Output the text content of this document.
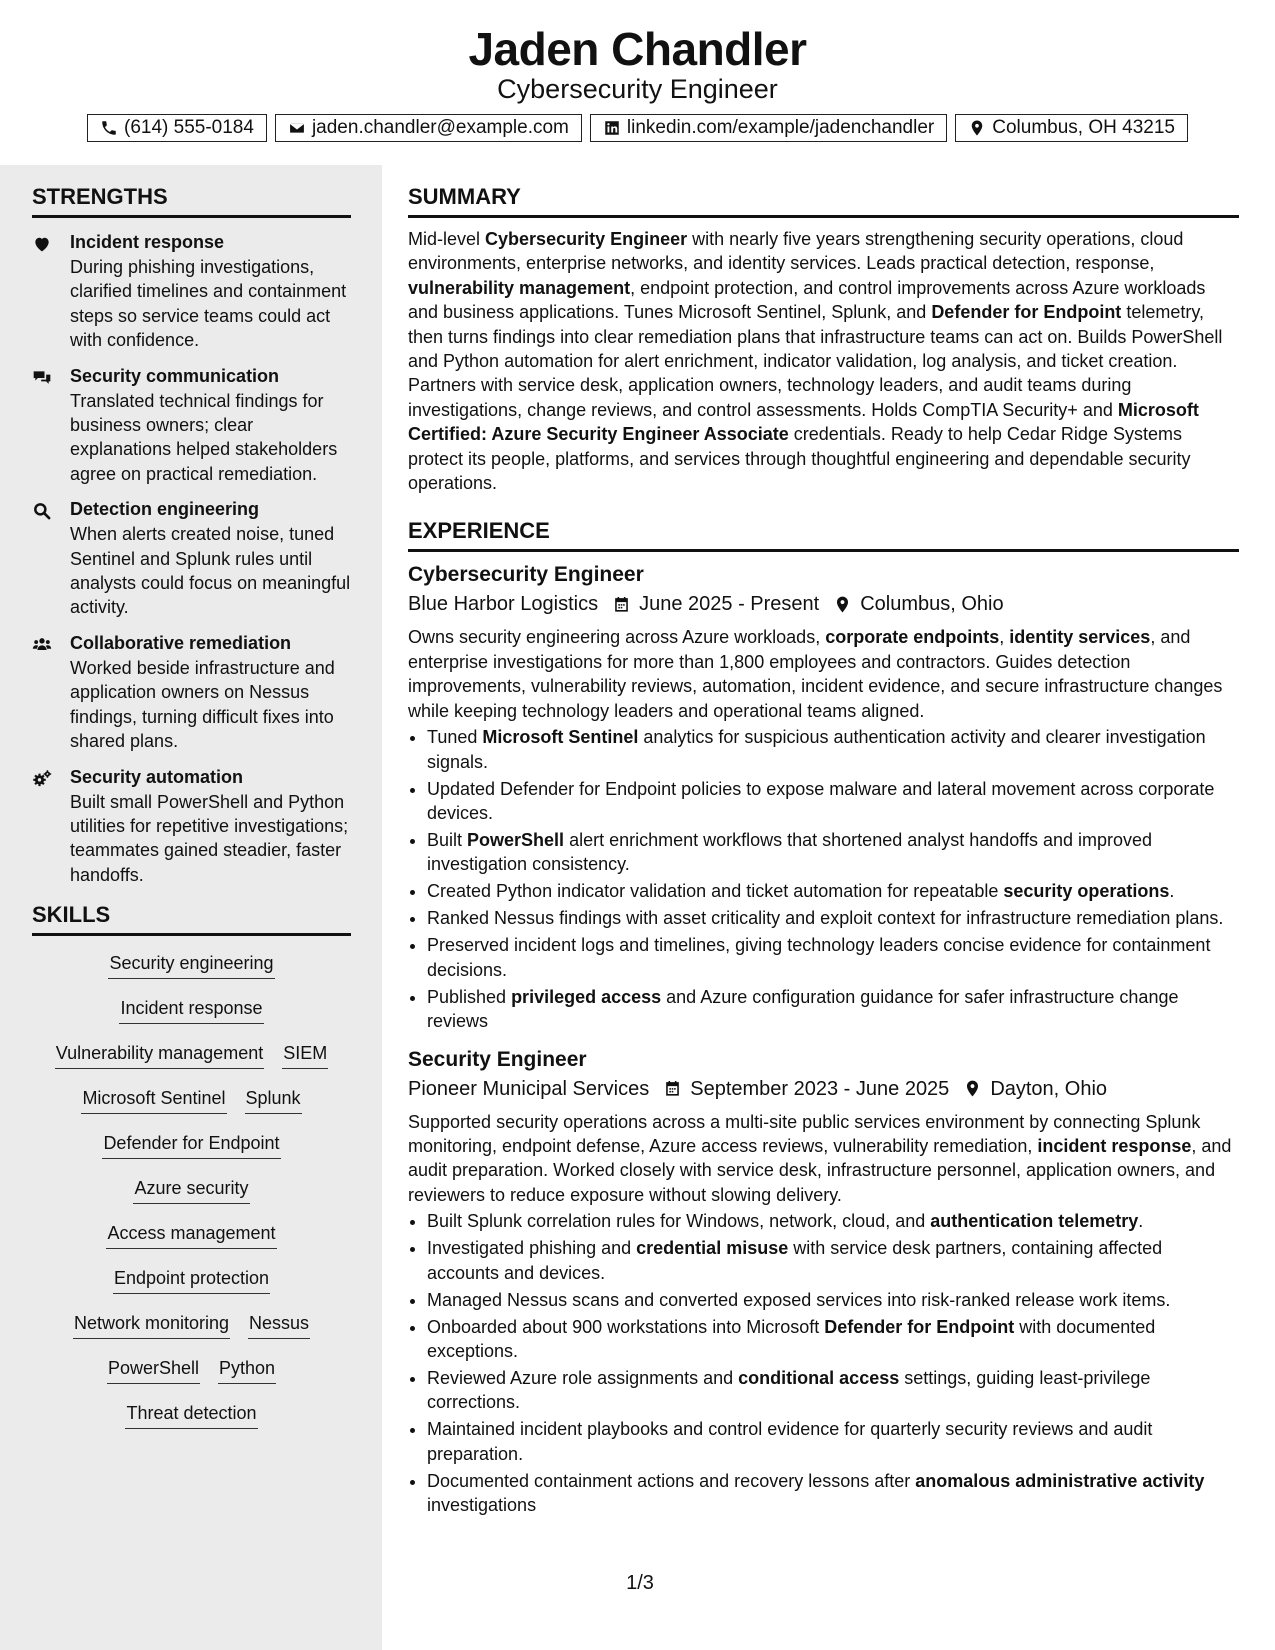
Jaden Chandler
Cybersecurity Engineer
(614) 555-0184	jaden.chandler@example.com	linkedin.com/example/jadenchandler	Columbus, OH 43215
STRENGTHS
Incident response
During phishing investigations, clarified timelines and containment steps so service teams could act with confidence.
Security communication
Translated technical findings for business owners; clear explanations helped stakeholders agree on practical remediation.
Detection engineering
When alerts created noise, tuned Sentinel and Splunk rules until analysts could focus on meaningful activity.
Collaborative remediation
Worked beside infrastructure and application owners on Nessus findings, turning difficult fixes into shared plans.
Security automation
Built small PowerShell and Python utilities for repetitive investigations; teammates gained steadier, faster handoffs.
SKILLS
Security engineering
Incident response
Vulnerability management SIEM
Microsoft Sentinel Splunk
Defender for Endpoint
Azure security
Access management
Endpoint protection
Network monitoring Nessus
PowerShell Python
Threat detection
SUMMARY

Mid-level Cybersecurity Engineer with nearly five years strengthening security operations, cloud environments, enterprise networks, and identity services. Leads practical detection, response, vulnerability management, endpoint protection, and control improvements across Azure workloads and business applications. Tunes Microsoft Sentinel, Splunk, and Defender for Endpoint telemetry, then turns findings into clear remediation plans that infrastructure teams can act on. Builds PowerShell and Python automation for alert enrichment, indicator validation, log analysis, and ticket creation. Partners with service desk, application owners, technology leaders, and audit teams during investigations, change reviews, and control assessments. Holds CompTIA Security+ and Microsoft Certified: Azure Security Engineer Associate credentials. Ready to help Cedar Ridge Systems protect its people, platforms, and services through thoughtful engineering and dependable security operations.

EXPERIENCE
Cybersecurity Engineer
Blue Harbor Logistics June 2025 - Present Columbus, Ohio

Owns security engineering across Azure workloads, corporate endpoints, identity services, and enterprise investigations for more than 1,800 employees and contractors. Guides detection improvements, vulnerability reviews, automation, incident evidence, and secure infrastructure changes while keeping technology leaders and operational teams aligned.

• Tuned Microsoft Sentinel analytics for suspicious authentication activity and clearer investigation signals.
• Updated Defender for Endpoint policies to expose malware and lateral movement across corporate devices.
• Built PowerShell alert enrichment workflows that shortened analyst handoffs and improved investigation consistency.
• Created Python indicator validation and ticket automation for repeatable security operations.
• Ranked Nessus findings with asset criticality and exploit context for infrastructure remediation plans.
• Preserved incident logs and timelines, giving technology leaders concise evidence for containment decisions.
• Published privileged access and Azure configuration guidance for safer infrastructure change reviews
Security Engineer
Pioneer Municipal Services September 2023 - June 2025 Dayton, Ohio

Supported security operations across a multi-site public services environment by connecting Splunk monitoring, endpoint defense, Azure access reviews, vulnerability remediation, incident response, and audit preparation. Worked closely with service desk, infrastructure personnel, application owners, and reviewers to reduce exposure without slowing delivery.

• Built Splunk correlation rules for Windows, network, cloud, and authentication telemetry.
• Investigated phishing and credential misuse with service desk partners, containing affected accounts and devices.
• Managed Nessus scans and converted exposed services into risk-ranked release work items.
• Onboarded about 900 workstations into Microsoft Defender for Endpoint with documented exceptions.
• Reviewed Azure role assignments and conditional access settings, guiding least-privilege corrections.
• Maintained incident playbooks and control evidence for quarterly security reviews and audit preparation.
• Documented containment actions and recovery lessons after anomalous administrative activity investigations
1/3
